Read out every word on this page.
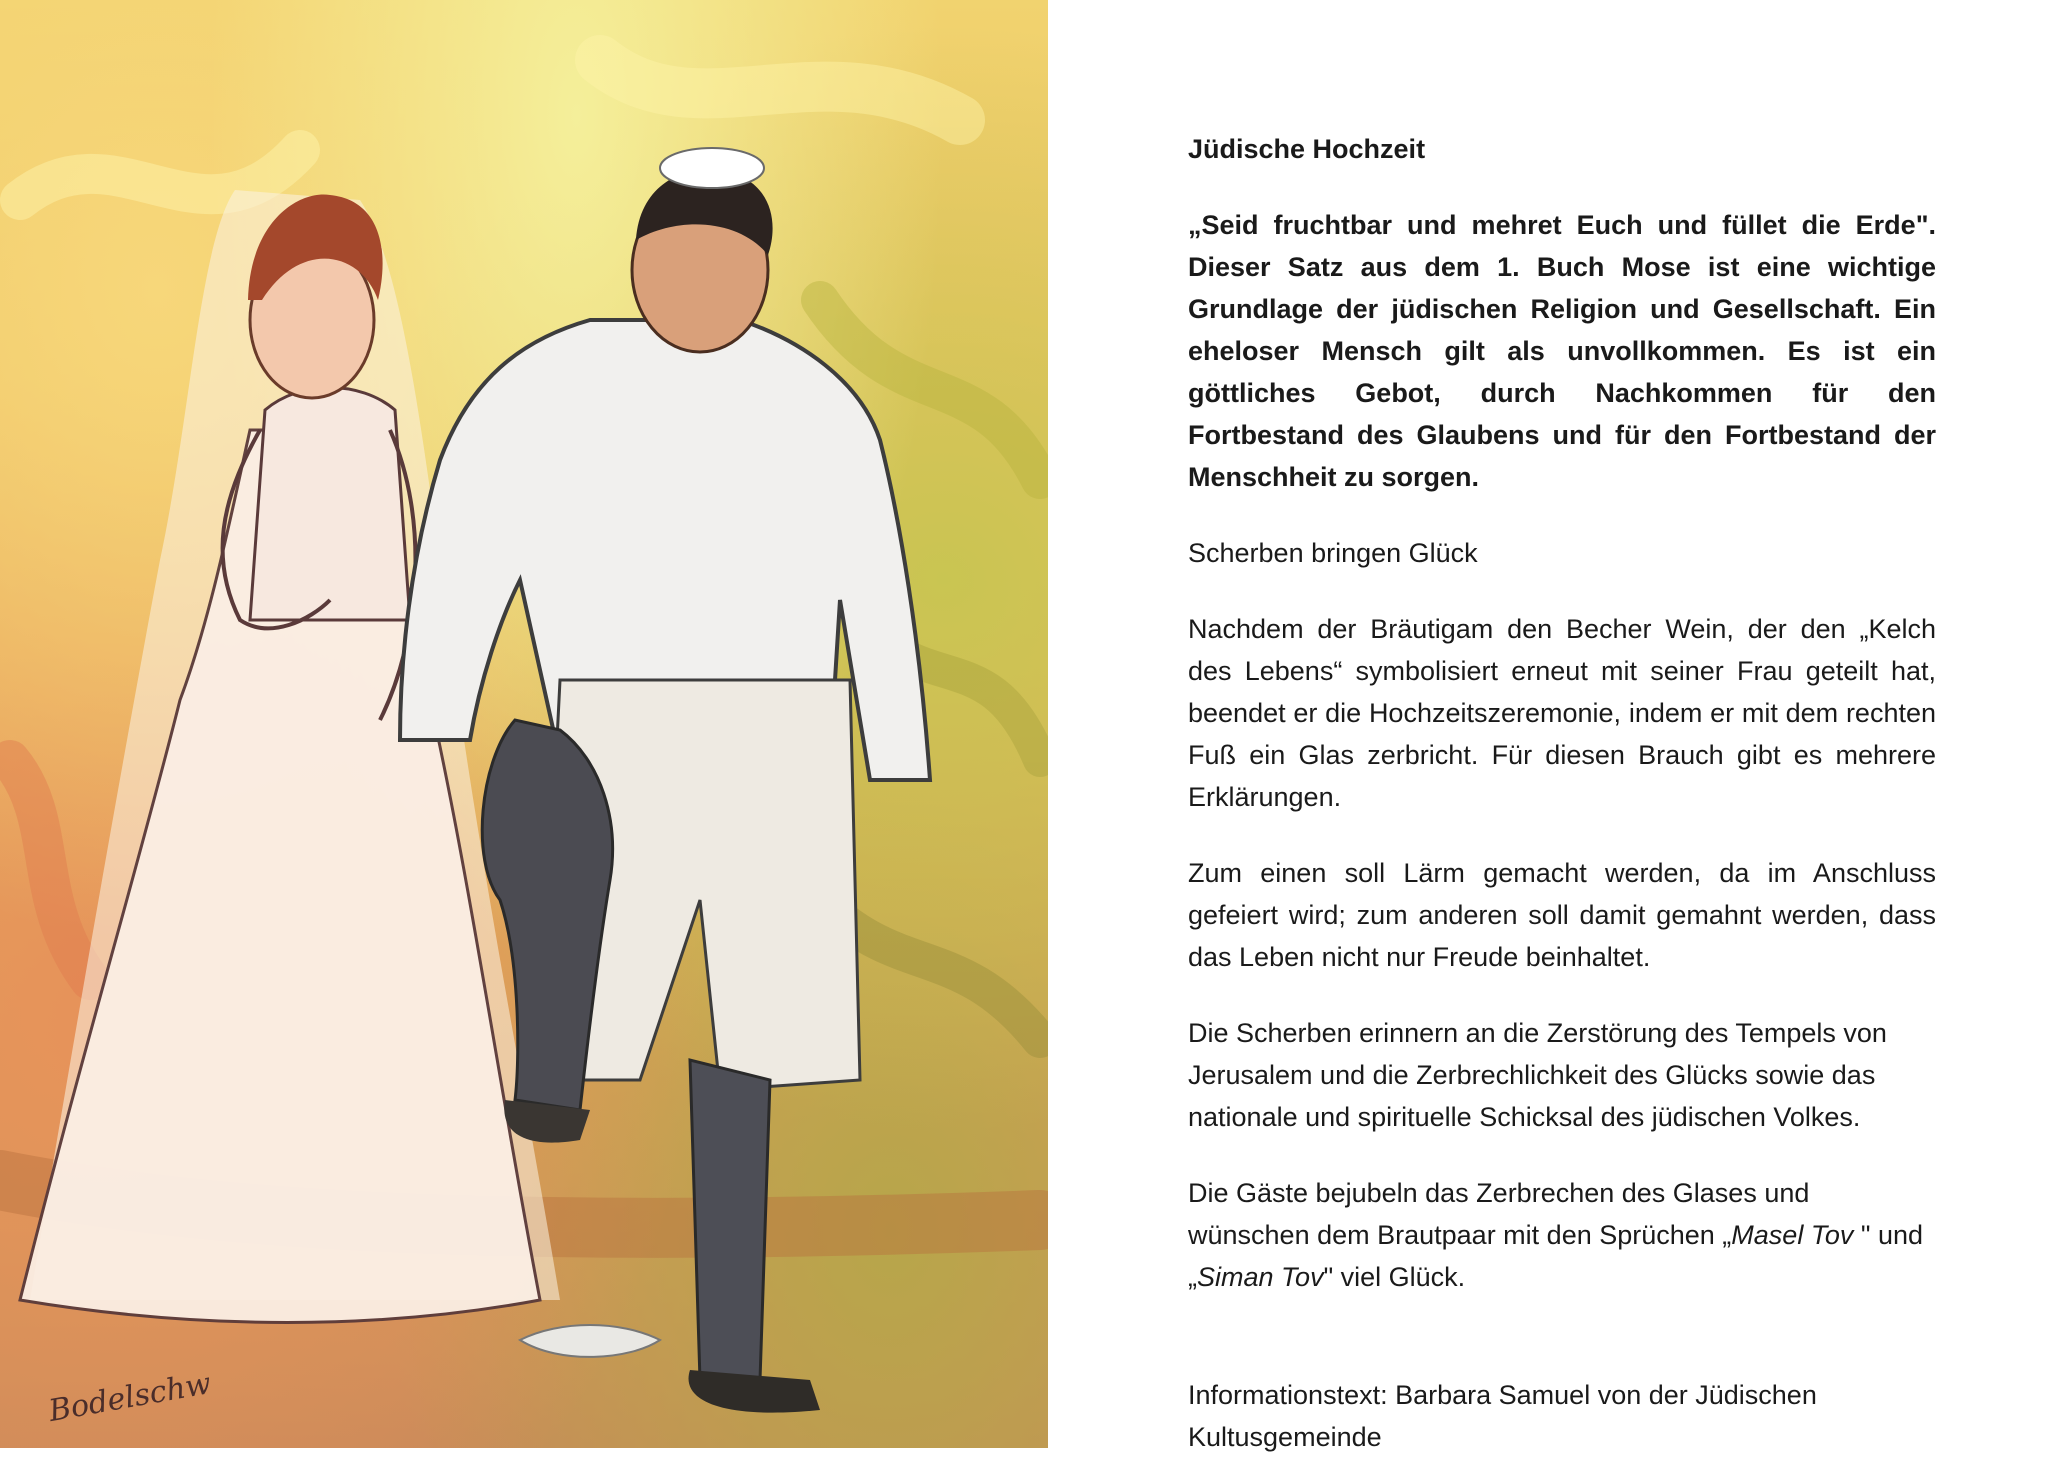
Bodelschw
Jüdische Hochzeit
„Seid fruchtbar und mehret Euch und füllet die Erde". Dieser Satz aus dem 1. Buch Mose ist eine wichtige Grundlage der jüdischen Religion und Gesellschaft. Ein eheloser Mensch gilt als unvollkommen. Es ist ein göttliches Gebot, durch Nachkommen für den Fortbestand des Glaubens und für den Fortbestand der Menschheit zu sorgen.
Scherben bringen Glück
Nachdem der Bräutigam den Becher Wein, der den „Kelch des Lebens“ symbolisiert erneut mit seiner Frau geteilt hat, beendet er die Hochzeitszeremonie, indem er mit dem rechten Fuß ein Glas zerbricht. Für diesen Brauch gibt es mehrere Erklärungen.
Zum einen soll Lärm gemacht werden, da im Anschluss gefeiert wird; zum anderen soll damit gemahnt werden, dass das Leben nicht nur Freude beinhaltet.
Die Scherben erinnern an die Zerstörung des Tempels von Jerusalem und die Zerbrechlichkeit des Glücks sowie das nationale und spirituelle Schicksal des jüdischen Volkes.
Die Gäste bejubeln das Zerbrechen des Glases und wünschen dem Brautpaar mit den Sprüchen „Masel Tov " und „Siman Tov" viel Glück.
Informationstext: Barbara Samuel von der Jüdischen Kultusgemeinde
